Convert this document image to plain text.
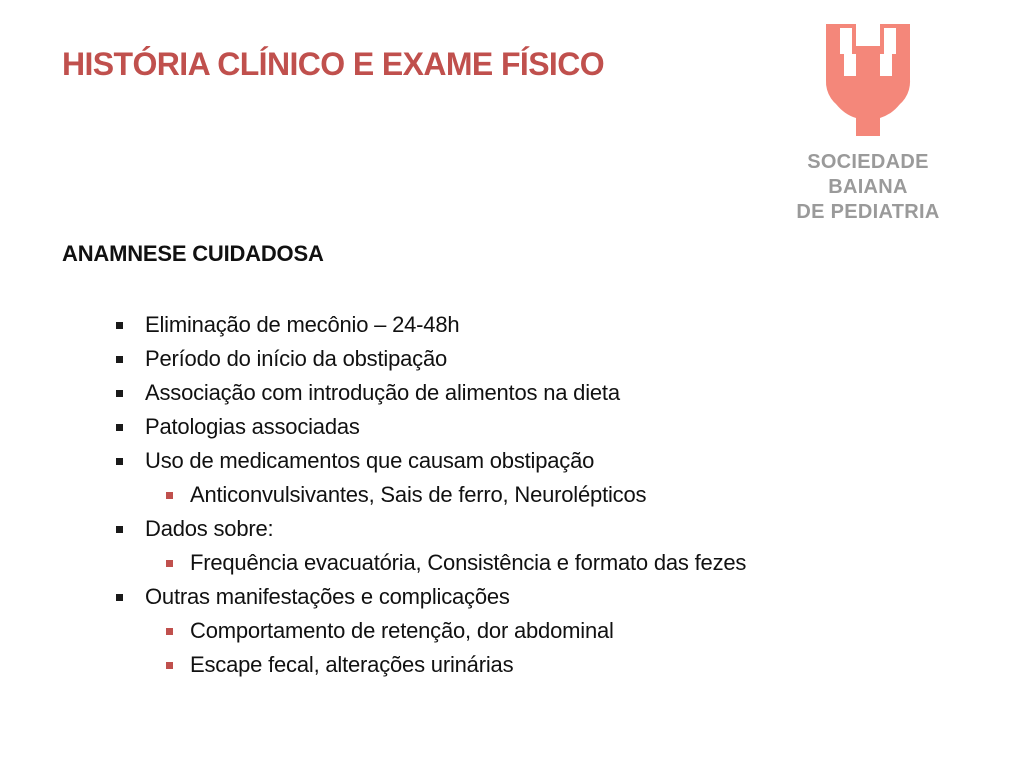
HISTÓRIA CLÍNICO E EXAME FÍSICO
SOCIEDADE
BAIANA
DE PEDIATRIA
ANAMNESE CUIDADOSA
Eliminação de mecônio – 24-48h
Período do início da obstipação
Associação com introdução de alimentos na dieta
Patologias associadas
Uso de medicamentos que causam obstipação
Anticonvulsivantes, Sais de ferro, Neurolépticos
Dados sobre:
Frequência evacuatória, Consistência e formato das fezes
Outras manifestações e complicações
Comportamento de retenção, dor abdominal
Escape fecal, alterações urinárias
